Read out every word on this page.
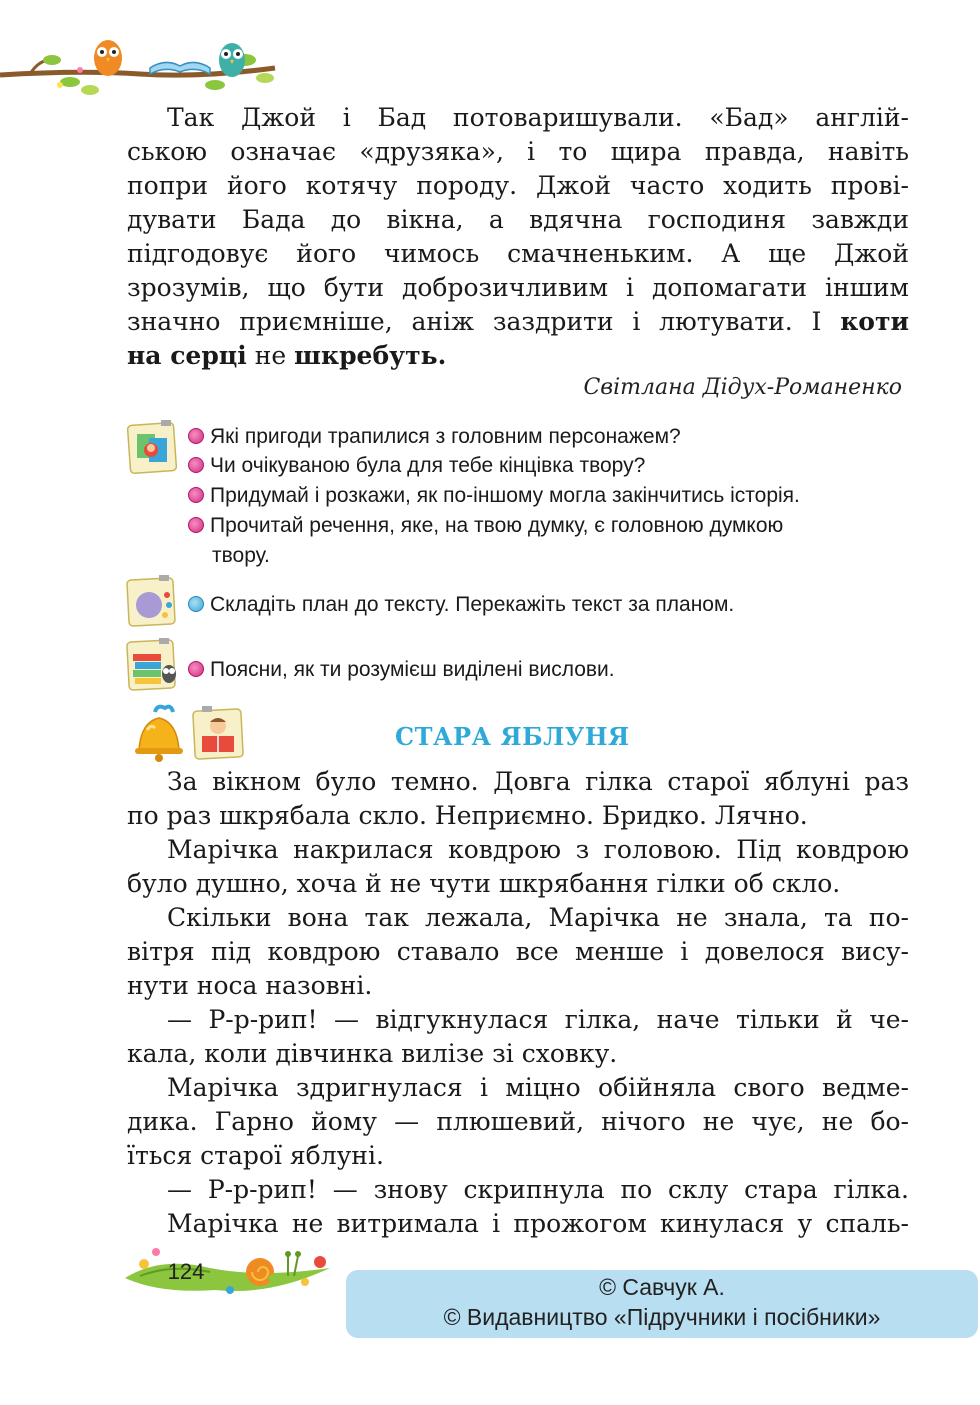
Так Джой і Бад потоваришували. «Бад» англій-
ською означає «друзяка», і то щира правда, навіть
попри його котячу породу. Джой часто ходить прові-
дувати Бада до вікна, а вдячна господиня завжди
підгодовує його чимось смачненьким. А ще Джой
зрозумів, що бути доброзичливим і допомагати іншим
значно приємніше, аніж заздрити і лютувати. І коти
на серці не шкребуть.
Світлана Дідух-Романенко
Які пригоди трапилися з головним персонажем?
Чи очікуваною була для тебе кінцівка твору?
Придумай і розкажи, як по-іншому могла закінчитись історія.
Прочитай речення, яке, на твою думку, є головною думкою
твору.
Складіть план до тексту. Перекажіть текст за планом.
Поясни, як ти розумієш виділені вислови.
СТАРА ЯБЛУНЯ
За вікном було темно. Довга гілка старої яблуні раз
по раз шкрябала скло. Неприємно. Бридко. Лячно.
Марічка накрилася ковдрою з головою. Під ковдрою
було душно, хоча й не чути шкрябання гілки об скло.
Скільки вона так лежала, Марічка не знала, та по-
вітря під ковдрою ставало все менше і довелося вису-
нути носа назовні.
— Р-р-рип! — відгукнулася гілка, наче тільки й че-
кала, коли дівчинка вилізе зі сховку.
Марічка здригнулася і міцно обійняла свого ведме-
дика. Гарно йому — плюшевий, нічого не чує, не бо-
їться старої яблуні.
— Р-р-рип! — знову скрипнула по склу стара гілка.
Марічка не витримала і прожогом кинулася у спаль-
124
© Савчук А.
© Видавництво «Підручники і посібники»
